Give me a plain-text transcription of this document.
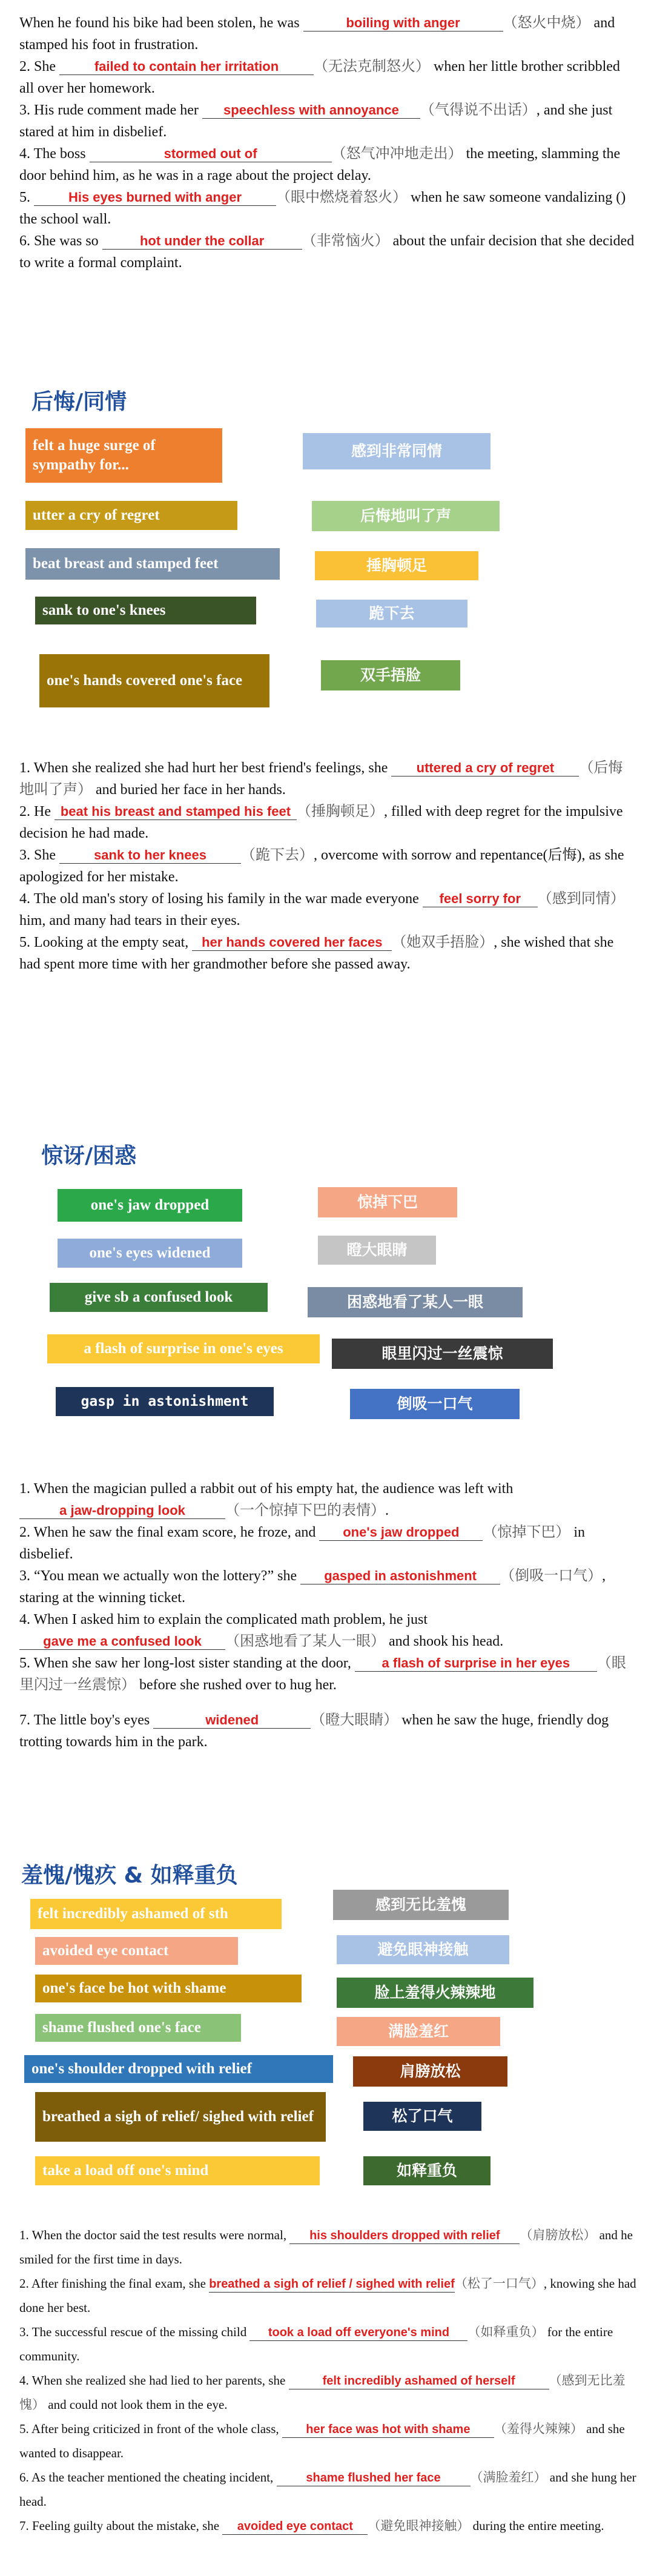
When he found his bike had been stolen, he was	boiling with anger	（怒火中烧） and stamped his foot in frustration.

2. She	failed to contain her irritation （无法克制怒火） when her little brother scribbled all over her homework.

3. His rude comment made her speechless with annoyance （气得说不出话）, and she just stared at him in disbelief.

4. The boss	stormed out of	（怒气冲冲地走出） the meeting, slamming the door behind him, as he was in a rage about the project delay.

5.	His eyes burned with anger （眼中燃烧着怒火） when he saw someone vandalizing () the school wall.

6. She was so	hot under the collar	（非常恼火） about the unfair decision that she decided to write a formal complaint.

后悔/同情
felt a huge surge of sympathy for...
utter a cry of regret
beat breast and stamped feet
sank to one's knees
one's hands covered one's face
感到非常同情
后悔地叫了声
捶胸顿足
跪下去
双手捂脸

1. When she realized she had hurt her best friend's feelings, she uttered a cry of regret （后悔地叫了声） and buried her face in her hands.

2. He beat his breast and stamped his feet （捶胸顿足）, filled with deep regret for the impulsive decision he had made.

3. She	sank to her knees （跪下去）, overcome with sorrow and repentance(后悔), as she apologized for her mistake.

4. The old man's story of losing his family in the war made everyone feel sorry for （感到同情） him, and many had tears in their eyes.

5. Looking at the empty seat, her hands covered her faces （她双手捂脸）, she wished that she had spent more time with her grandmother before she passed away.

惊讶/困惑
one's jaw dropped
one's eyes widened
give sb a confused look
a flash of surprise in one's eyes
gasp in astonishment
惊掉下巴
瞪大眼睛
困惑地看了某人一眼
眼里闪过一丝震惊
倒吸一口气

1. When the magician pulled a rabbit out of his empty hat, the audience was left with a jaw-dropping look	（一个惊掉下巴的表情）.

2. When he saw the final exam score, he froze, and one's jaw dropped （惊掉下巴） in disbelief.

3. “You mean we actually won the lottery?” she gasped in astonishment （倒吸一口气）, staring at the winning ticket.

4. When I asked him to explain the complicated math problem, he just gave me a confused look （困惑地看了某人一眼） and shook his head.

5. When she saw her long-lost sister standing at the door, a flash of surprise in her eyes （眼里闪过一丝震惊） before she rushed over to hug her.

7. The little boy's eyes	widened	（瞪大眼睛） when he saw the huge, friendly dog trotting towards him in the park.

羞愧/愧疚 & 如释重负
felt incredibly ashamed of sth
avoided eye contact
one's face be hot with shame
shame flushed one's face
one's shoulder dropped with relief
breathed a sigh of relief/ sighed with relief
take a load off one's mind
感到无比羞愧
避免眼神接触
脸上羞得火辣辣地
满脸羞红
肩膀放松
松了口气
如释重负

1. When the doctor said the test results were normal, his shoulders dropped with relief （肩膀放松） and he smiled for the first time in days.

2. After finishing the final exam, she breathed a sigh of relief / sighed with relief（松了一口气）, knowing she had done her best.

3. The successful rescue of the missing child took a load off everyone's mind （如释重负） for the entire community.

4. When she realized she had lied to her parents, she	felt incredibly ashamed of herself	（感到无比羞愧） and could not look them in the eye.

5. After being criticized in front of the whole class, her face was hot with shame （羞得火辣辣） and she wanted to disappear.

6. As the teacher mentioned the cheating incident, shame flushed her face （满脸羞红） and she hung her head.

7. Feeling guilty about the mistake, she avoided eye contact （避免眼神接触） during the entire meeting.
